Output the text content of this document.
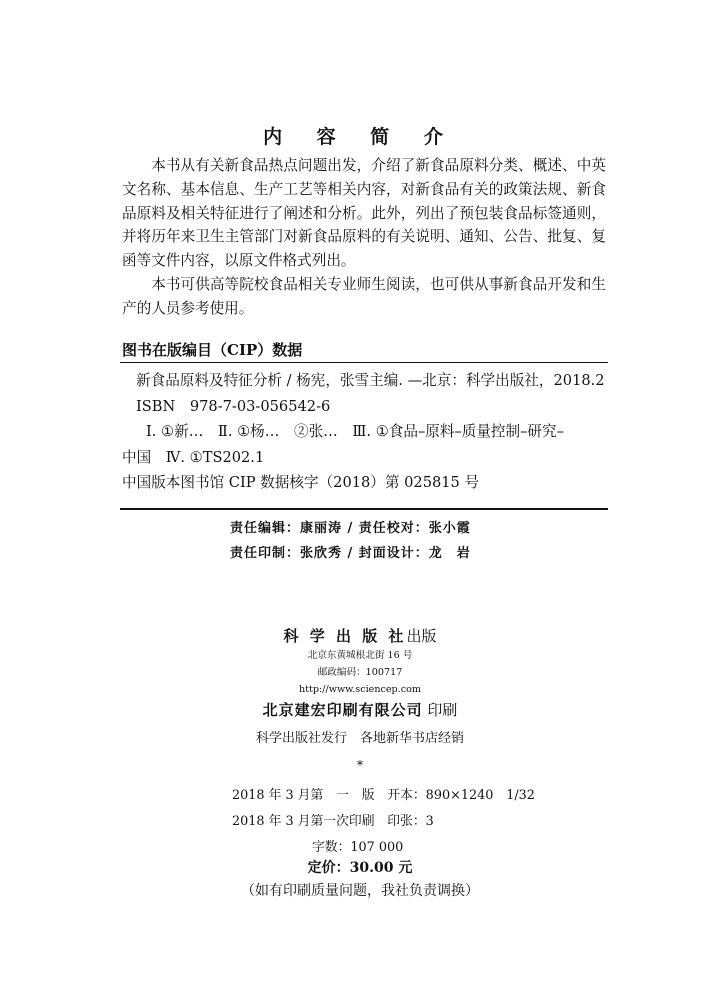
内 容 简 介

本书从有关新食品热点问题出发，介绍了新食品原料分类、概述、中英文名称、基本信息、生产工艺等相关内容，对新食品有关的政策法规、新食品原料及相关特征进行了阐述和分析。此外，列出了预包装食品标签通则，并将历年来卫生主管部门对新食品原料的有关说明、通知、公告、批复、复函等文件内容，以原文件格式列出。

本书可供高等院校食品相关专业师生阅读，也可供从事新食品开发和生产的人员参考使用。

图书在版编目（CIP）数据
新食品原料及特征分析 / 杨宪，张雪主编. —北京：科学出版社，2018.2
ISBN　978-7-03-056542-6
Ⅰ. ①新…　Ⅱ. ①杨…　②张…　Ⅲ. ①食品–原料–质量控制–研究–
中国　Ⅳ. ①TS202.1
中国版本图书馆 CIP 数据核字（2018）第 025815 号
责任编辑：康丽涛 / 责任校对：张小霞
责任印制：张欣秀 / 封面设计：龙　岩
科 学 出 版 社出版
北京东黄城根北街 16 号
邮政编码：100717
http://www.sciencep.com
北京建宏印刷有限公司 印刷
科学出版社发行　各地新华书店经销
*
2018 年 3 月第　一　版　开本：890×1240　1/32
2018 年 3 月第一次印刷　印张：3
字数：107 000
定价：30.00 元
（如有印刷质量问题，我社负责调换）
